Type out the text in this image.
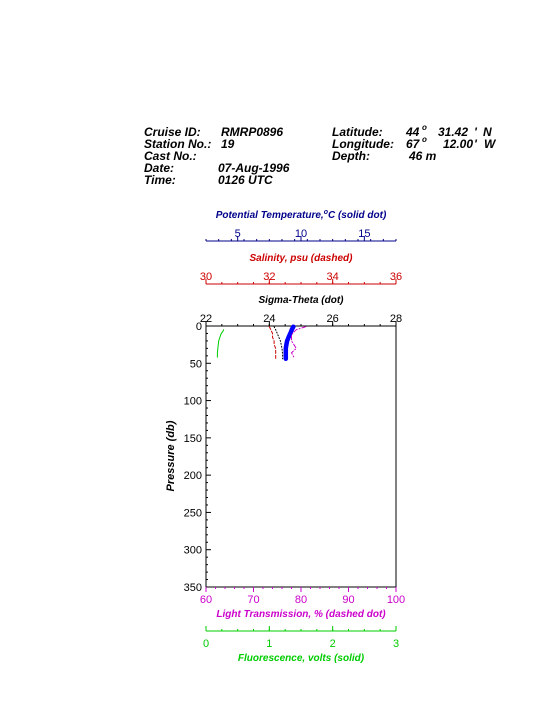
Cruise ID: RMRP0896
Station No.: 19
Cast No.:
Date:	07-Aug-1996
Time:	0126 UTC
Latitude: 44 o 31.42 ' N
Longitude: 67 o 12.00 ' W
Depth:	46 m
Potential Temperature,$^o$C (solid dot)
5	10	15
Salinity, psu (dashed)
30	32	34	36
Sigma-Theta (dot)
22	24	26	28
0
50
100
150
200
250
300
350
Pressure (db)
60	70	80	90	100
Light Transmission, % (dashed dot)
0	1	2	3
Fluorescence, volts (solid)
